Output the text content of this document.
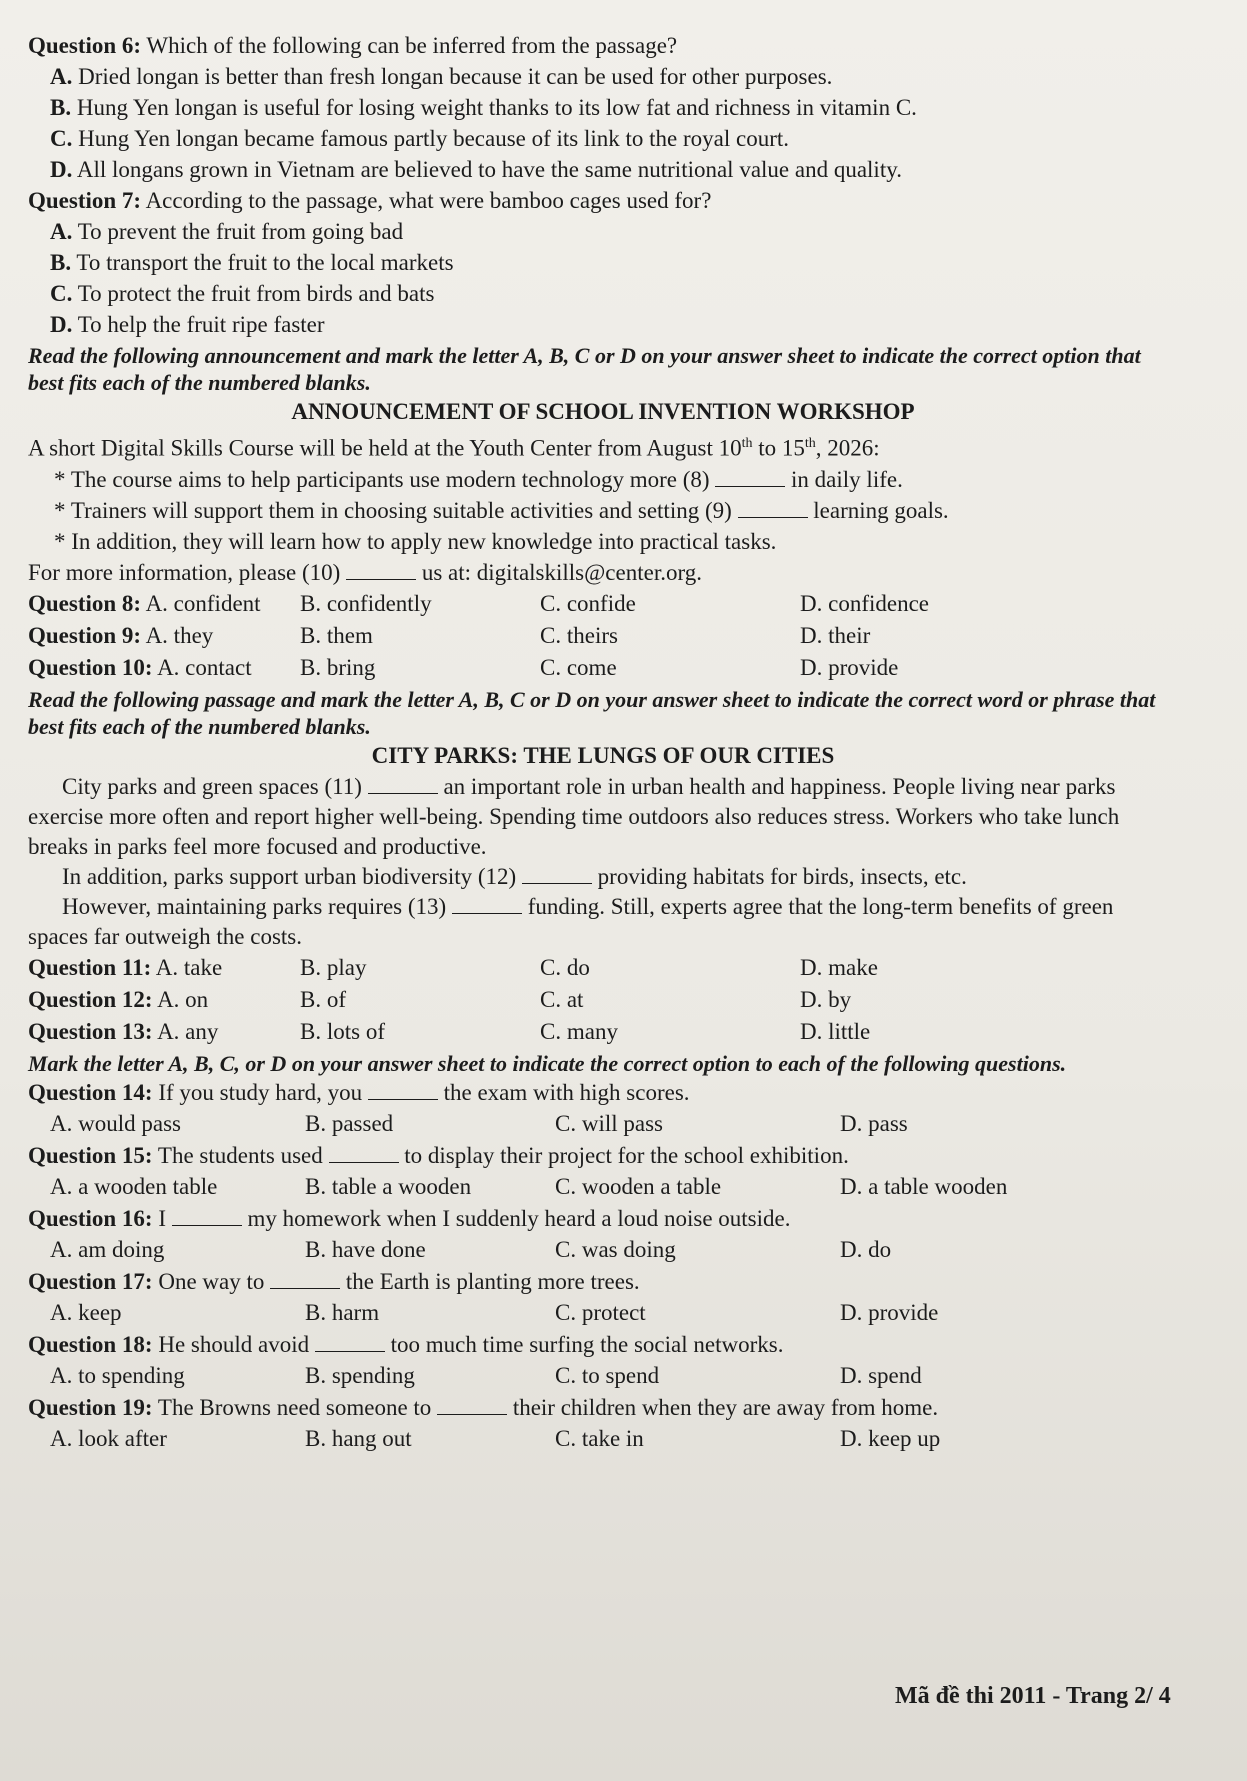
Question 6: Which of the following can be inferred from the passage?
A. Dried longan is better than fresh longan because it can be used for other purposes.
B. Hung Yen longan is useful for losing weight thanks to its low fat and richness in vitamin C.
C. Hung Yen longan became famous partly because of its link to the royal court.
D. All longans grown in Vietnam are believed to have the same nutritional value and quality.
Question 7: According to the passage, what were bamboo cages used for?
A. To prevent the fruit from going bad
B. To transport the fruit to the local markets
C. To protect the fruit from birds and bats
D. To help the fruit ripe faster
Read the following announcement and mark the letter A, B, C or D on your answer sheet to indicate the correct option that best fits each of the numbered blanks.
ANNOUNCEMENT OF SCHOOL INVENTION WORKSHOP
A short Digital Skills Course will be held at the Youth Center from August 10th to 15th, 2026:
* The course aims to help participants use modern technology more (8)	in daily life.
* Trainers will support them in choosing suitable activities and setting (9)	learning goals.
* In addition, they will learn how to apply new knowledge into practical tasks.
For more information, please (10)	us at: digitalskills@center.org.
Question 8: A. confident	B. confidently	C. confide	D. confidence
Question 9: A. they	B. them	C. theirs	D. their
Question 10: A. contact	B. bring	C. come	D. provide
Read the following passage and mark the letter A, B, C or D on your answer sheet to indicate the correct word or phrase that best fits each of the numbered blanks.
CITY PARKS: THE LUNGS OF OUR CITIES
City parks and green spaces (11)	an important role in urban health and happiness. People living near parks exercise more often and report higher well-being. Spending time outdoors also reduces stress. Workers who take lunch breaks in parks feel more focused and productive.
In addition, parks support urban biodiversity (12)	providing habitats for birds, insects, etc.
However, maintaining parks requires (13)	funding. Still, experts agree that the long-term benefits of green spaces far outweigh the costs.
Question 11: A. take	B. play	C. do	D. make
Question 12: A. on	B. of	C. at	D. by
Question 13: A. any	B. lots of	C. many	D. little
Mark the letter A, B, C, or D on your answer sheet to indicate the correct option to each of the following questions.
Question 14: If you study hard, you	the exam with high scores.
A. would pass	B. passed	C. will pass	D. pass
Question 15: The students used	to display their project for the school exhibition.
A. a wooden table	B. table a wooden	C. wooden a table	D. a table wooden
Question 16: I	my homework when I suddenly heard a loud noise outside.
A. am doing	B. have done	C. was doing	D. do
Question 17: One way to	the Earth is planting more trees.
A. keep	B. harm	C. protect	D. provide
Question 18: He should avoid	too much time surfing the social networks.
A. to spending	B. spending	C. to spend	D. spend
Question 19: The Browns need someone to	their children when they are away from home.
A. look after	B. hang out	C. take in	D. keep up
Mã đề thi 2011 - Trang 2/ 4
